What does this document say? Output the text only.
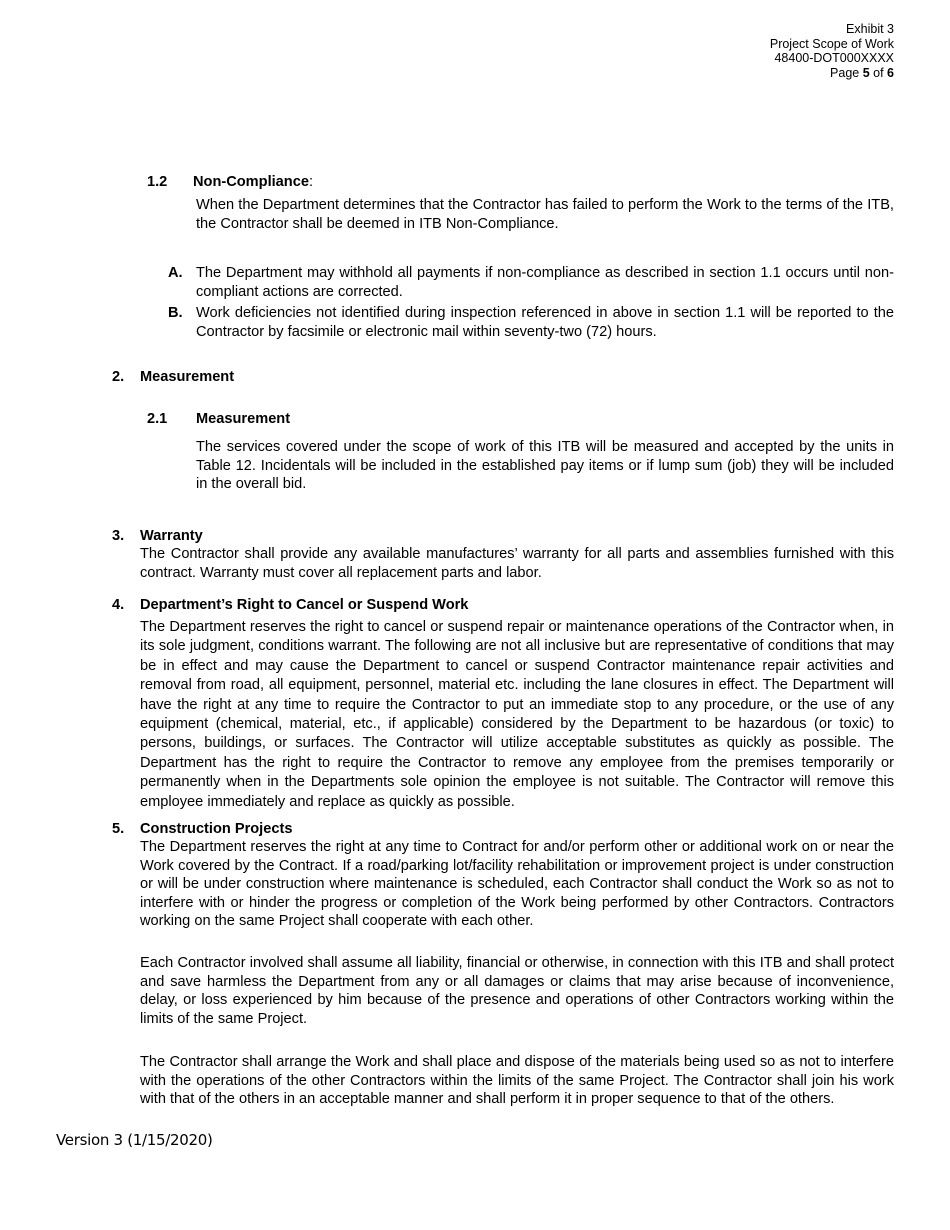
Exhibit 3
Project Scope of Work
48400-DOT000XXXX
Page 5 of 6
1.2 Non-Compliance:

When the Department determines that the Contractor has failed to perform the Work to the terms of the ITB, the Contractor shall be deemed in ITB Non-Compliance.

A. The Department may withhold all payments if non-compliance as described in section 1.1 occurs until non-compliant actions are corrected.

B. Work deficiencies not identified during inspection referenced in above in section 1.1 will be reported to the Contractor by facsimile or electronic mail within seventy-two (72) hours.

2. Measurement
2.1 Measurement

The services covered under the scope of work of this ITB will be measured and accepted by the units in Table 12. Incidentals will be included in the established pay items or if lump sum (job) they will be included in the overall bid.

3. Warranty

The Contractor shall provide any available manufactures’ warranty for all parts and assemblies furnished with this contract. Warranty must cover all replacement parts and labor.

4. Department’s Right to Cancel or Suspend Work

The Department reserves the right to cancel or suspend repair or maintenance operations of the Contractor when, in its sole judgment, conditions warrant. The following are not all inclusive but are representative of conditions that may be in effect and may cause the Department to cancel or suspend Contractor maintenance repair activities and removal from road, all equipment, personnel, material etc. including the lane closures in effect. The Department will have the right at any time to require the Contractor to put an immediate stop to any procedure, or the use of any equipment (chemical, material, etc., if applicable) considered by the Department to be hazardous (or toxic) to persons, buildings, or surfaces. The Contractor will utilize acceptable substitutes as quickly as possible. The Department has the right to require the Contractor to remove any employee from the premises temporarily or permanently when in the Departments sole opinion the employee is not suitable. The Contractor will remove this employee immediately and replace as quickly as possible.

5. Construction Projects

The Department reserves the right at any time to Contract for and/or perform other or additional work on or near the Work covered by the Contract. If a road/parking lot/facility rehabilitation or improvement project is under construction or will be under construction where maintenance is scheduled, each Contractor shall conduct the Work so as not to interfere with or hinder the progress or completion of the Work being performed by other Contractors. Contractors working on the same Project shall cooperate with each other.

Each Contractor involved shall assume all liability, financial or otherwise, in connection with this ITB and shall protect and save harmless the Department from any or all damages or claims that may arise because of inconvenience, delay, or loss experienced by him because of the presence and operations of other Contractors working within the limits of the same Project.

The Contractor shall arrange the Work and shall place and dispose of the materials being used so as not to interfere with the operations of the other Contractors within the limits of the same Project. The Contractor shall join his work with that of the others in an acceptable manner and shall perform it in proper sequence to that of the others.

Version 3 (1/15/2020)
